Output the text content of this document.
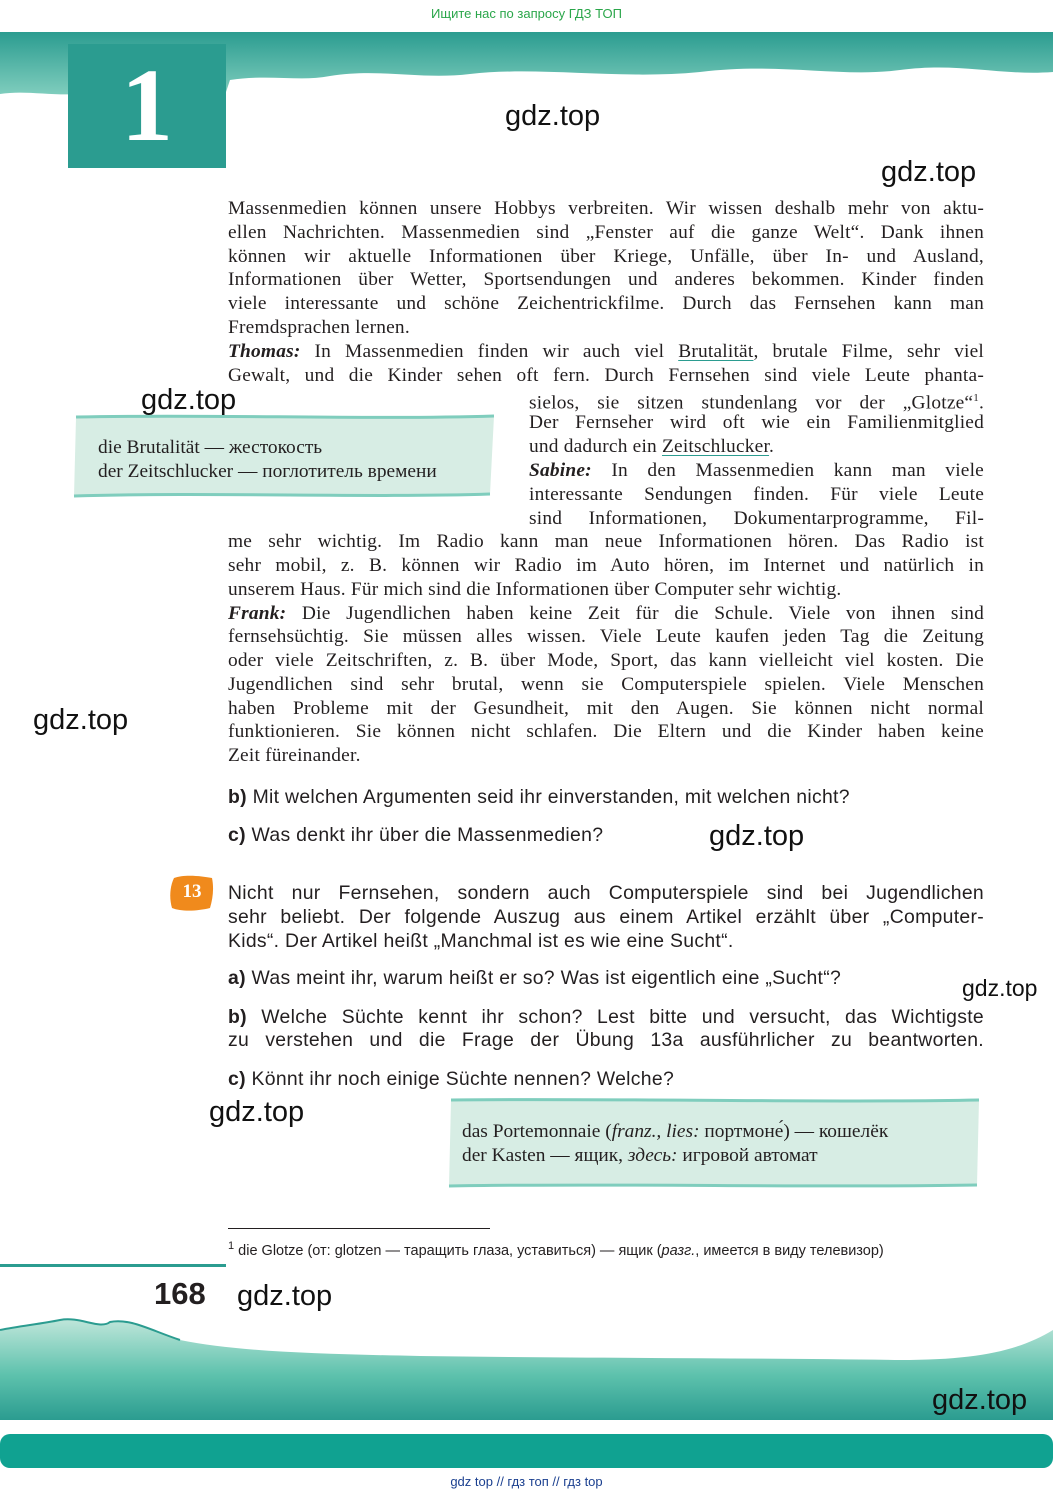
Ищите нас по запросу ГДЗ ТОП
1	gdz.top
gdz.top
Massenmedien können unsere Hobbys verbreiten. Wir wissen deshalb mehr von aktu-
ellen Nachrichten. Massenmedien sind „Fenster auf die ganze Welt“. Dank ihnen
können wir aktuelle Informationen über Kriege, Unfälle, über In- und Ausland,
Informationen über Wetter, Sportsendungen und anderes bekommen. Kinder finden
viele interessante und schöne Zeichentrickfilme. Durch das Fernsehen kann man
Fremdsprachen lernen.
Thomas: In Massenmedien finden wir auch viel Brutalität, brutale Filme, sehr viel
Gewalt, und die Kinder sehen oft fern. Durch Fernsehen sind viele Leute phanta-
sielos, sie sitzen stundenlang vor der „Glotze“$^1$.
Der Fernseher wird oft wie ein Familienmitglied
und dadurch ein Zeitschlucker.
Sabine: In den Massenmedien kann man viele
interessante Sendungen finden. Für viele Leute
sind Informationen, Dokumentarprogramme, Fil-
me sehr wichtig. Im Radio kann man neue Informationen hören. Das Radio ist
sehr mobil, z. B. können wir Radio im Auto hören, im Internet und natürlich in
unserem Haus. Für mich sind die Informationen über Computer sehr wichtig.
Frank: Die Jugendlichen haben keine Zeit für die Schule. Viele von ihnen sind
fernsehsüchtig. Sie müssen alles wissen. Viele Leute kaufen jeden Tag die Zeitung
oder viele Zeitschriften, z. B. über Mode, Sport, das kann vielleicht viel kosten. Die
Jugendlichen sind sehr brutal, wenn sie Computerspiele spielen. Viele Menschen
haben Probleme mit der Gesundheit, mit den Augen. Sie können nicht normal
funktionieren. Sie können nicht schlafen. Die Eltern und die Kinder haben keine
Zeit füreinander.
gdz.top
die Brutalität — жестокость
der Zeitschlucker — поглотитель времени
gdz.top
b) Mit welchen Argumenten seid ihr einverstanden, mit welchen nicht?
c) Was denkt ihr über die Massenmedien?	gdz.top
13	Nicht nur Fernsehen, sondern auch Computerspiele sind bei Jugendlichen
sehr beliebt. Der folgende Auszug aus einem Artikel erzählt über „Computer-
Kids“. Der Artikel heißt „Manchmal ist es wie eine Sucht“.
a) Was meint ihr, warum heißt er so? Was ist eigentlich eine „Sucht“?	gdz.top
b) Welche Süchte kennt ihr schon? Lest bitte und versucht, das Wichtigste
zu verstehen und die Frage der Übung 13a ausführlicher zu beantworten.
c) Könnt ihr noch einige Süchte nennen? Welche?
gdz.top
das Portemonnaie (franz., lies: портмоне́) — кошелёк
der Kasten — ящик, здесь: игровой автомат
$^1$ die Glotze (от: glotzen — таращить глаза, уставиться) — ящик (разг., имеется в виду телевизор)
168 gdz.top
gdz.top
gdz top // гдз топ // гдз top
